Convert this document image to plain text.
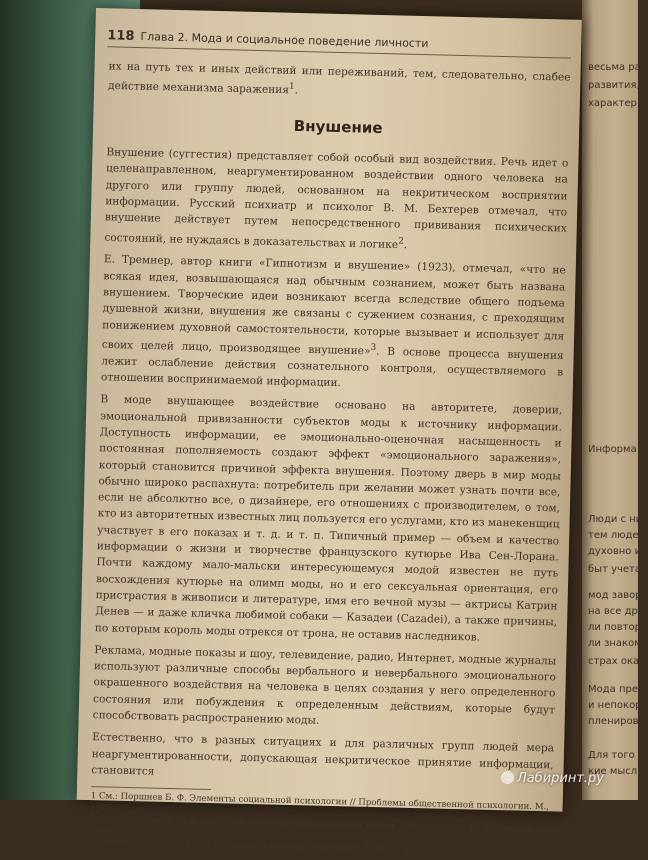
весьма ра
развития,
характер
Информа
Люди с ни
тем люде
духовно и
быт учета
мод завора
на все дру
ли повтора
ли знаком
страх оказ
Мода пред
и непокор
плениров
Для того
кие мысли
118 Глава 2. Мода и социальное поведение личности

их на путь тех и иных действий или переживаний, тем, следовательно, слабее действие механизма заражения$^1$.

Внушение

Внушение (суггестия) представляет собой особый вид воздействия. Речь идет о целенаправленном, неаргументированном воздействии одного человека на другого или группу людей, основанном на некритическом восприятии информации. Русский психиатр и психолог В. М. Бехтерев отмечал, что внушение действует путем непосредственного прививания психических состояний, не нуждаясь в доказательствах и логике$^2$.

Е. Тремнер, автор книги «Гипнотизм и внушение» (1923), отмечал, «что не всякая идея, возвышающаяся над обычным сознанием, может быть названа внушением. Творческие идеи возникают всегда вследствие общего подъема душевной жизни, внушения же связаны с сужением сознания, с преходящим понижением духовной самостоятельности, которые вызывает и использует для своих целей лицо, производящее внушение»$^3$. В основе процесса внушения лежит ослабление действия сознательного контроля, осуществляемого в отношении воспринимаемой информации.

В моде внушающее воздействие основано на авторитете, доверии, эмоциональной привязанности субъектов моды к источнику информации. Доступность информации, ее эмоционально-оценочная насыщенность и постоянная пополняемость создают эффект «эмоционального заражения», который становится причиной эффекта внушения. Поэтому дверь в мир моды обычно широко распахнута: потребитель при желании может узнать почти все, если не абсолютно все, о дизайнере, его отношениях с производителем, о том, кто из авторитетных известных лиц пользуется его услугами, кто из манекенщиц участвует в его показах и т. д. и т. п. Типичный пример — объем и качество информации о жизни и творчестве французского кутюрье Ива Сен-Лорана. Почти каждому мало-мальски интересующемуся модой известен не путь восхождения кутюрье на олимп моды, но и его сексуальная ориентация, его пристрастия в живописи и литературе, имя его вечной музы — актрисы Катрин Денев — и даже кличка любимой собаки — Казадеи (Cazadei), а также причины, по которым король моды отрекся от трона, не оставив наследников.

Реклама, модные показы и шоу, телевидение, радио, Интернет, модные журналы используют различные способы вербального и невербального эмоционального окрашенного воздействия на человека в целях создания у него определенного состояния или побуждения к определенным действиям, которые будут способствовать распространению моды.

Естественно, что в разных ситуациях и для различных групп людей мера неаргументированности, допускающая некритическое принятие информации, становится

1 См.: Поршнев Б. Ф. Элементы социальной психологии // Проблемы общественной психологии. М., 1965.

2 См.: Бехтерев В. М. Внушение и его роль в общественной жизни. СПб.: Издание К. Л. Риккера, 1908.

3 Тремнер Е. Гипнотизм и внушение. Кишинев: Универсул, 1991. С. 120.

Лабиринт.ру
